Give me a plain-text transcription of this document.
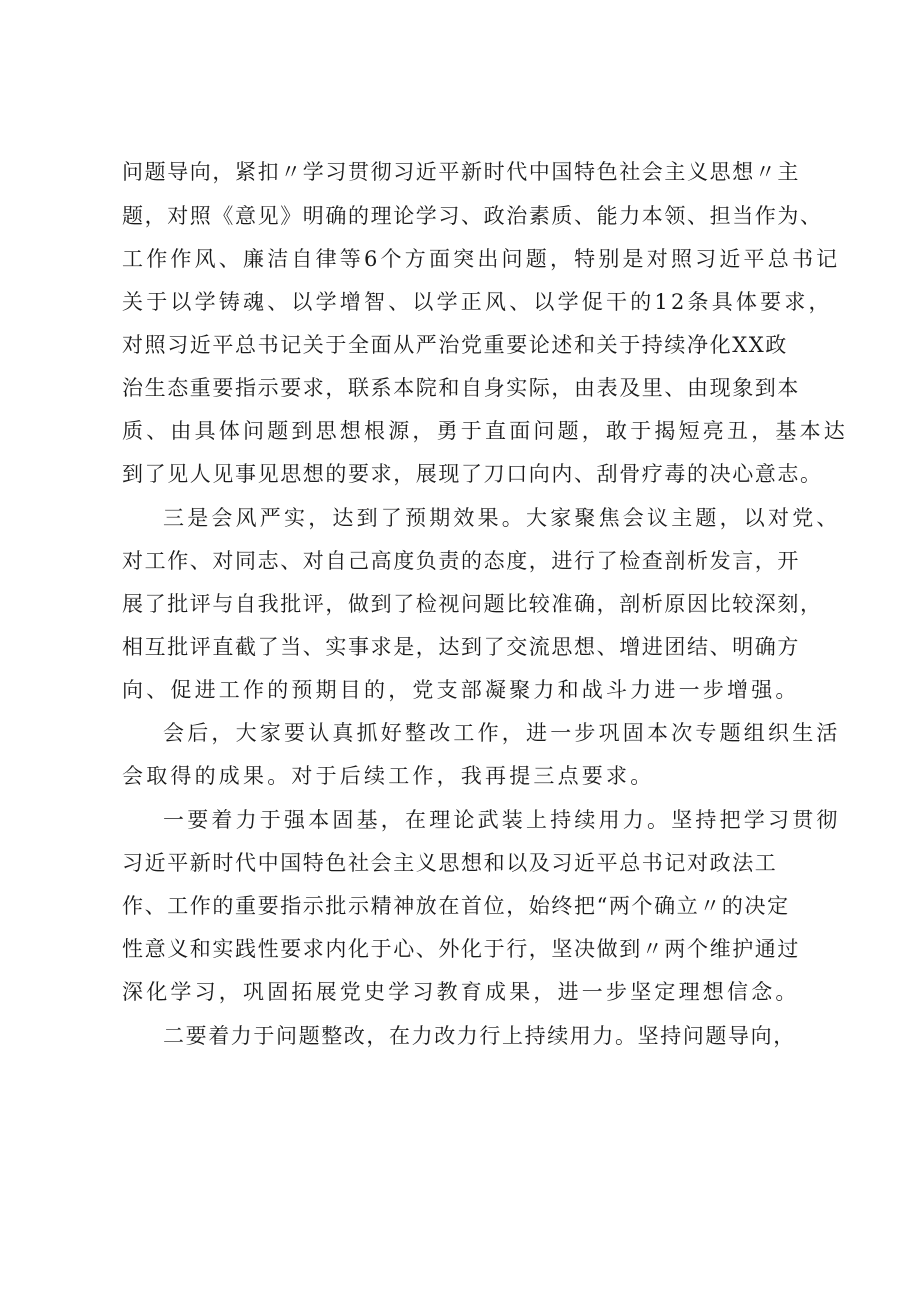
问题导向，紧扣〃学习贯彻习近平新时代中国特色社会主义思想〃主
题，对照《意见》明确的理论学习、政治素质、能力本领、担当作为、
工作作风、廉洁自律等6个方面突出问题，特别是对照习近平总书记
关于以学铸魂、以学增智、以学正风、以学促干的12条具体要求，
对照习近平总书记关于全面从严治党重要论述和关于持续净化XX政
治生态重要指示要求，联系本院和自身实际，由表及里、由现象到本
质、由具体问题到思想根源，勇于直面问题，敢于揭短亮丑，基本达
到了见人见事见思想的要求，展现了刀口向内、刮骨疗毒的决心意志。
三是会风严实，达到了预期效果。大家聚焦会议主题，以对党、
对工作、对同志、对自己高度负责的态度，进行了检查剖析发言，开
展了批评与自我批评，做到了检视问题比较准确，剖析原因比较深刻，
相互批评直截了当、实事求是，达到了交流思想、增进团结、明确方
向、促进工作的预期目的，党支部凝聚力和战斗力进一步增强。
会后，大家要认真抓好整改工作，进一步巩固本次专题组织生活
会取得的成果。对于后续工作，我再提三点要求。
一要着力于强本固基，在理论武装上持续用力。坚持把学习贯彻
习近平新时代中国特色社会主义思想和以及习近平总书记对政法工
作、工作的重要指示批示精神放在首位，始终把“两个确立〃的决定
性意义和实践性要求内化于心、外化于行，坚决做到〃两个维护通过
深化学习，巩固拓展党史学习教育成果，进一步坚定理想信念。
二要着力于问题整改，在力改力行上持续用力。坚持问题导向，
